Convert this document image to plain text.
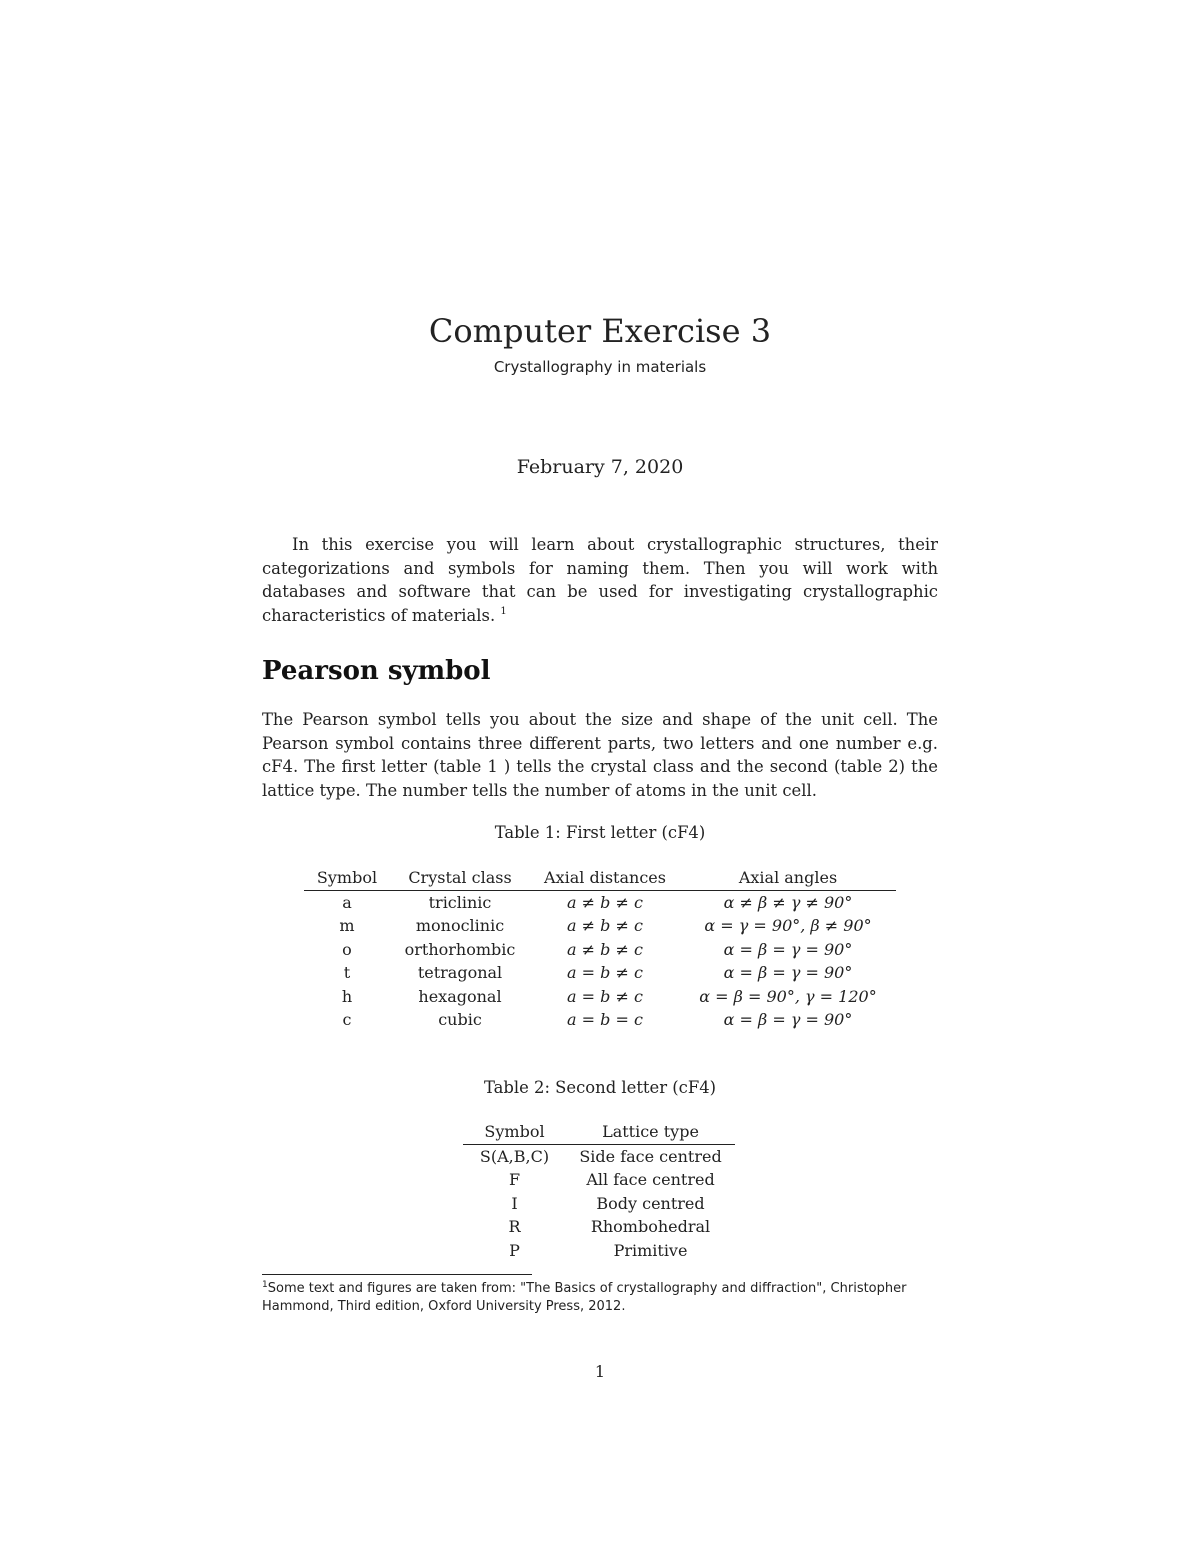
Computer Exercise 3
Crystallography in materials
February 7, 2020

In this exercise you will learn about crystallographic structures, their categorizations and symbols for naming them. Then you will work with databases and software that can be used for investigating crystallographic characteristics of materials. $^1$

Pearson symbol

The Pearson symbol tells you about the size and shape of the unit cell. The Pearson symbol contains three different parts, two letters and one number e.g. cF4. The first letter (table 1 ) tells the crystal class and the second (table 2) the lattice type. The number tells the number of atoms in the unit cell.

Table 1: First letter (cF4)
Symbol	Crystal class	Axial distances	Axial angles
a	triclinic	a ≠ b ≠ c	α ≠ β ≠ γ ≠ 90°
m	monoclinic	a ≠ b ≠ c	α = γ = 90°, β ≠ 90°
o	orthorhombic	a ≠ b ≠ c	α = β = γ = 90°
t	tetragonal	a = b ≠ c	α = β = γ = 90°
h	hexagonal	a = b ≠ c	α = β = 90°, γ = 120°
c	cubic	a = b = c	α = β = γ = 90°
Table 2: Second letter (cF4)
Symbol	Lattice type
S(A,B,C)	Side face centred
F	All face centred
I	Body centred
R	Rhombohedral
P	Primitive

$^1$Some text and figures are taken from: "The Basics of crystallography and diffraction", Christopher Hammond, Third edition, Oxford University Press, 2012.

1
